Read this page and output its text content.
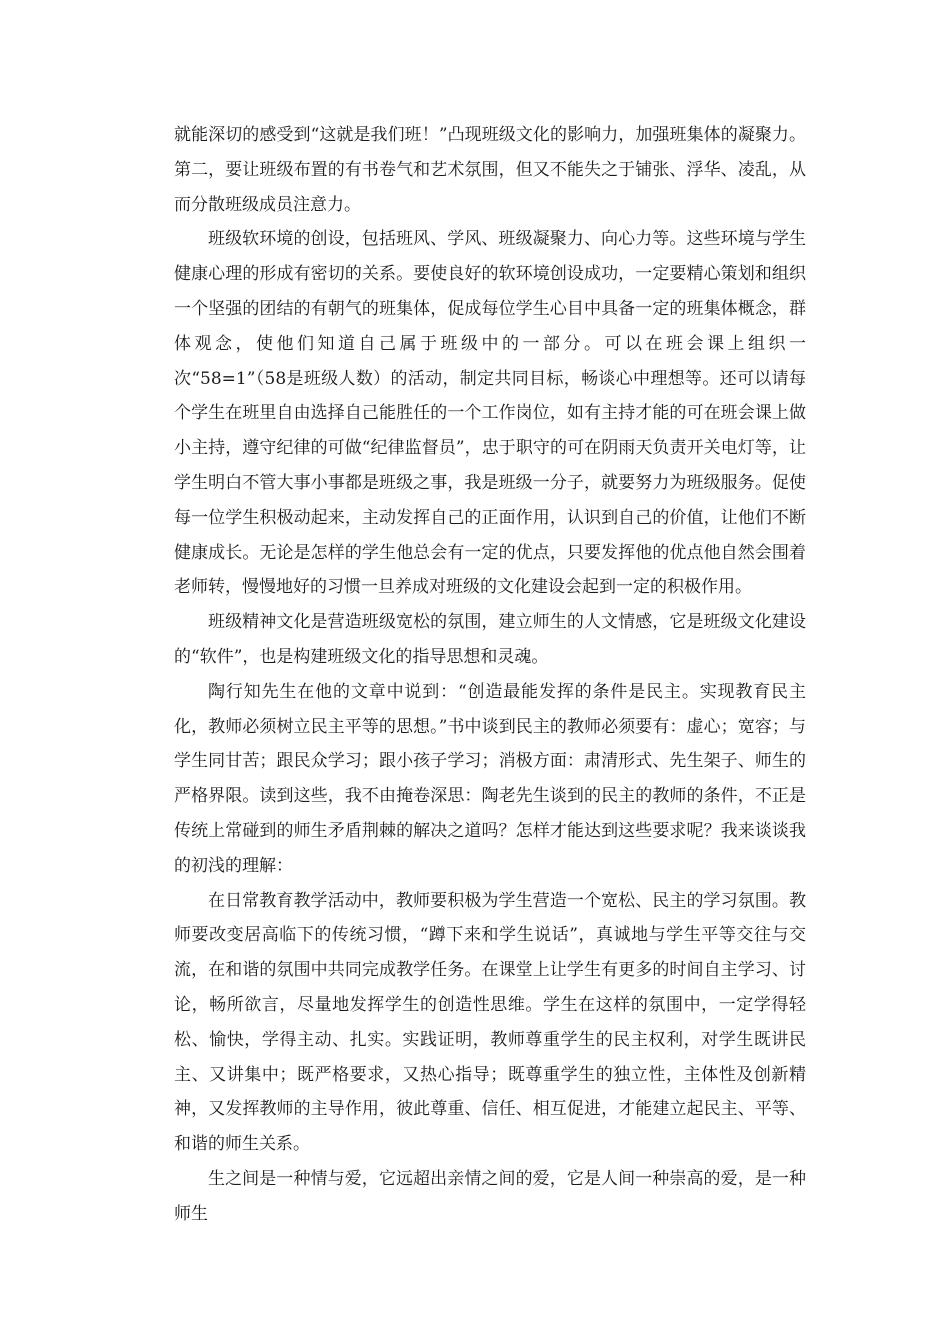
就能深切的感受到“这就是我们班！”凸现班级文化的影响力，加强班集体的凝聚力。第二，要让班级布置的有书卷气和艺术氛围，但又不能失之于铺张、浮华、凌乱，从而分散班级成员注意力。

班级软环境的创设，包括班风、学风、班级凝聚力、向心力等。这些环境与学生健康心理的形成有密切的关系。要使良好的软环境创设成功，一定要精心策划和组织一个坚强的团结的有朝气的班集体，促成每位学生心目中具备一定的班集体概念，群体观念，使他们知道自己属于班级中的一部分。可以在班会课上组织一次“58=1”（58是班级人数）的活动，制定共同目标，畅谈心中理想等。还可以请每个学生在班里自由选择自己能胜任的一个工作岗位，如有主持才能的可在班会课上做小主持，遵守纪律的可做“纪律监督员”，忠于职守的可在阴雨天负责开关电灯等，让学生明白不管大事小事都是班级之事，我是班级一分子，就要努力为班级服务。促使每一位学生积极动起来，主动发挥自己的正面作用，认识到自己的价值，让他们不断健康成长。无论是怎样的学生他总会有一定的优点，只要发挥他的优点他自然会围着老师转，慢慢地好的习惯一旦养成对班级的文化建设会起到一定的积极作用。

班级精神文化是营造班级宽松的氛围，建立师生的人文情感，它是班级文化建设的“软件”，也是构建班级文化的指导思想和灵魂。

陶行知先生在他的文章中说到：“创造最能发挥的条件是民主。实现教育民主化，教师必须树立民主平等的思想。”书中谈到民主的教师必须要有：虚心；宽容；与学生同甘苦；跟民众学习；跟小孩子学习；消极方面：肃清形式、先生架子、师生的严格界限。读到这些，我不由掩卷深思：陶老先生谈到的民主的教师的条件，不正是传统上常碰到的师生矛盾荆棘的解决之道吗？怎样才能达到这些要求呢？我来谈谈我的初浅的理解：

在日常教育教学活动中，教师要积极为学生营造一个宽松、民主的学习氛围。教师要改变居高临下的传统习惯，“蹲下来和学生说话”，真诚地与学生平等交往与交流，在和谐的氛围中共同完成教学任务。在课堂上让学生有更多的时间自主学习、讨论，畅所欲言，尽量地发挥学生的创造性思维。学生在这样的氛围中，一定学得轻松、愉快，学得主动、扎实。实践证明，教师尊重学生的民主权利，对学生既讲民主、又讲集中；既严格要求，又热心指导；既尊重学生的独立性，主体性及创新精神，又发挥教师的主导作用，彼此尊重、信任、相互促进，才能建立起民主、平等、和谐的师生关系。

生之间是一种情与爱，它远超出亲情之间的爱，它是人间一种崇高的爱，是一种师生
